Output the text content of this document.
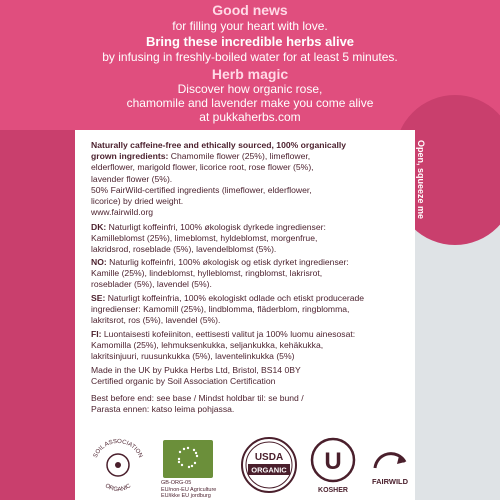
Good news
for filling your heart with love.
Bring these incredible herbs alive
by infusing in freshly-boiled water for at least 5 minutes.
Herb magic
Discover how organic rose,
chamomile and lavender make you come alive
at pukkaherbs.com
Open, squeeze me
Naturally caffeine-free and ethically sourced, 100% organically
grown ingredients: Chamomile flower (25%), limeflower,
elderflower, marigold flower, licorice root, rose flower (5%),
lavender flower (5%).
50% FairWild-certified ingredients (limeflower, elderflower,
licorice) by dried weight.
www.fairwild.org
DK: Naturligt koffeinfri, 100% økologisk dyrkede ingredienser:
Kamilleblomst (25%), limeblomst, hyldeblomst, morgenfrue,
lakridsrod, roseblade (5%), lavendelblomst (5%).
NO: Naturlig koffeinfri, 100% økologisk og etisk dyrket ingredienser:
Kamille (25%), lindeblomst, hylleblomst, ringblomst, lakrisrot,
roseblader (5%), lavendel (5%).
SE: Naturligt koffeinfria, 100% ekologiskt odlade och etiskt producerade
ingredienser: Kamomill (25%), lindblomma, fläderblom, ringblomma,
lakritsrot, ros (5%), lavendel (5%).
FI: Luontaisesti kofeiiniton, eettisesti valitut ja 100% luomu ainesosat:
Kamomilla (25%), lehmuksenkukka, seljankukka, kehäkukka,
lakritsinjuuri, ruusunkukka (5%), laventelinkukka (5%)
Made in the UK by Pukka Herbs Ltd, Bristol, BS14 0BY
Certified organic by Soil Association Certification
Best before end: see base / Mindst holdbar til: se bund /
Parasta ennen: katso leima pohjassa.
SOIL ASSOCIATION
ORGANIC
GB-ORG-05
EU/non-EU Agriculture
EU/ikke EU jordburg
USDA
ORGANIC U
KOSHER
FAIRWILD
